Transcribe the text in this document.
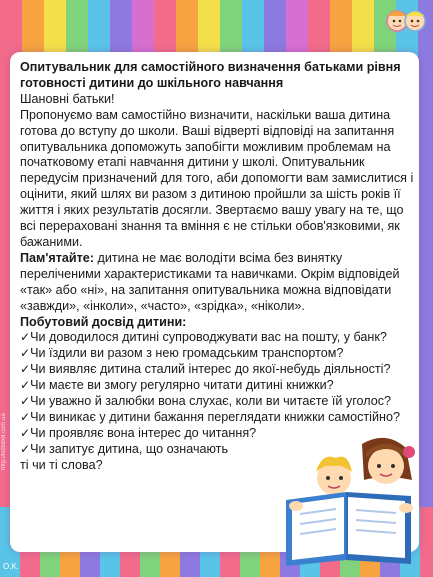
http://kids8x8.com.ua

Опитувальник для самостійного визначення батьками рівня готовності дитини до шкільного навчання

Шановні батьки!

Пропонуємо вам самостійно визначити, наскільки ваша дитина готова до вступу до школи. Ваші відверті відповіді на запитання опитувальника допоможуть запобігти можливим проблемам на початковому етапі навчання дитини у школі. Опитувальник передусім призначений для того, аби допомогти вам замислитися і оцінити, який шлях ви разом з дитиною пройшли за шість років її життя і яких результатів досягли. Звертаємо вашу увагу на те, що всі перераховані знання та вміння є не стільки обов'язковими, як бажаними.

Пам'ятайте: дитина не має володіти всіма без винятку переліченими характеристиками та навичками. Окрім відповідей «так» або «ні», на запитання опитувальника можна відповідати «завжди», «інколи», «часто», «зрідка», «ніколи».

Побутовий досвід дитини:

✓Чи доводилося дитині супроводжувати вас на пошту, у банк?
✓Чи їздили ви разом з нею громадським транспортом?
✓Чи виявляє дитина сталий інтерес до якої-небудь діяльності?
✓Чи маєте ви змогу регулярно читати дитині книжки?
✓Чи уважно й залюбки вона слухає, коли ви читаєте їй уголос?
✓Чи виникає у дитини бажання переглядати книжки самостійно?
✓Чи проявляє вона інтерес до читання?
✓Чи запитує дитина, що означають
ті чи ті слова?
O.K.
